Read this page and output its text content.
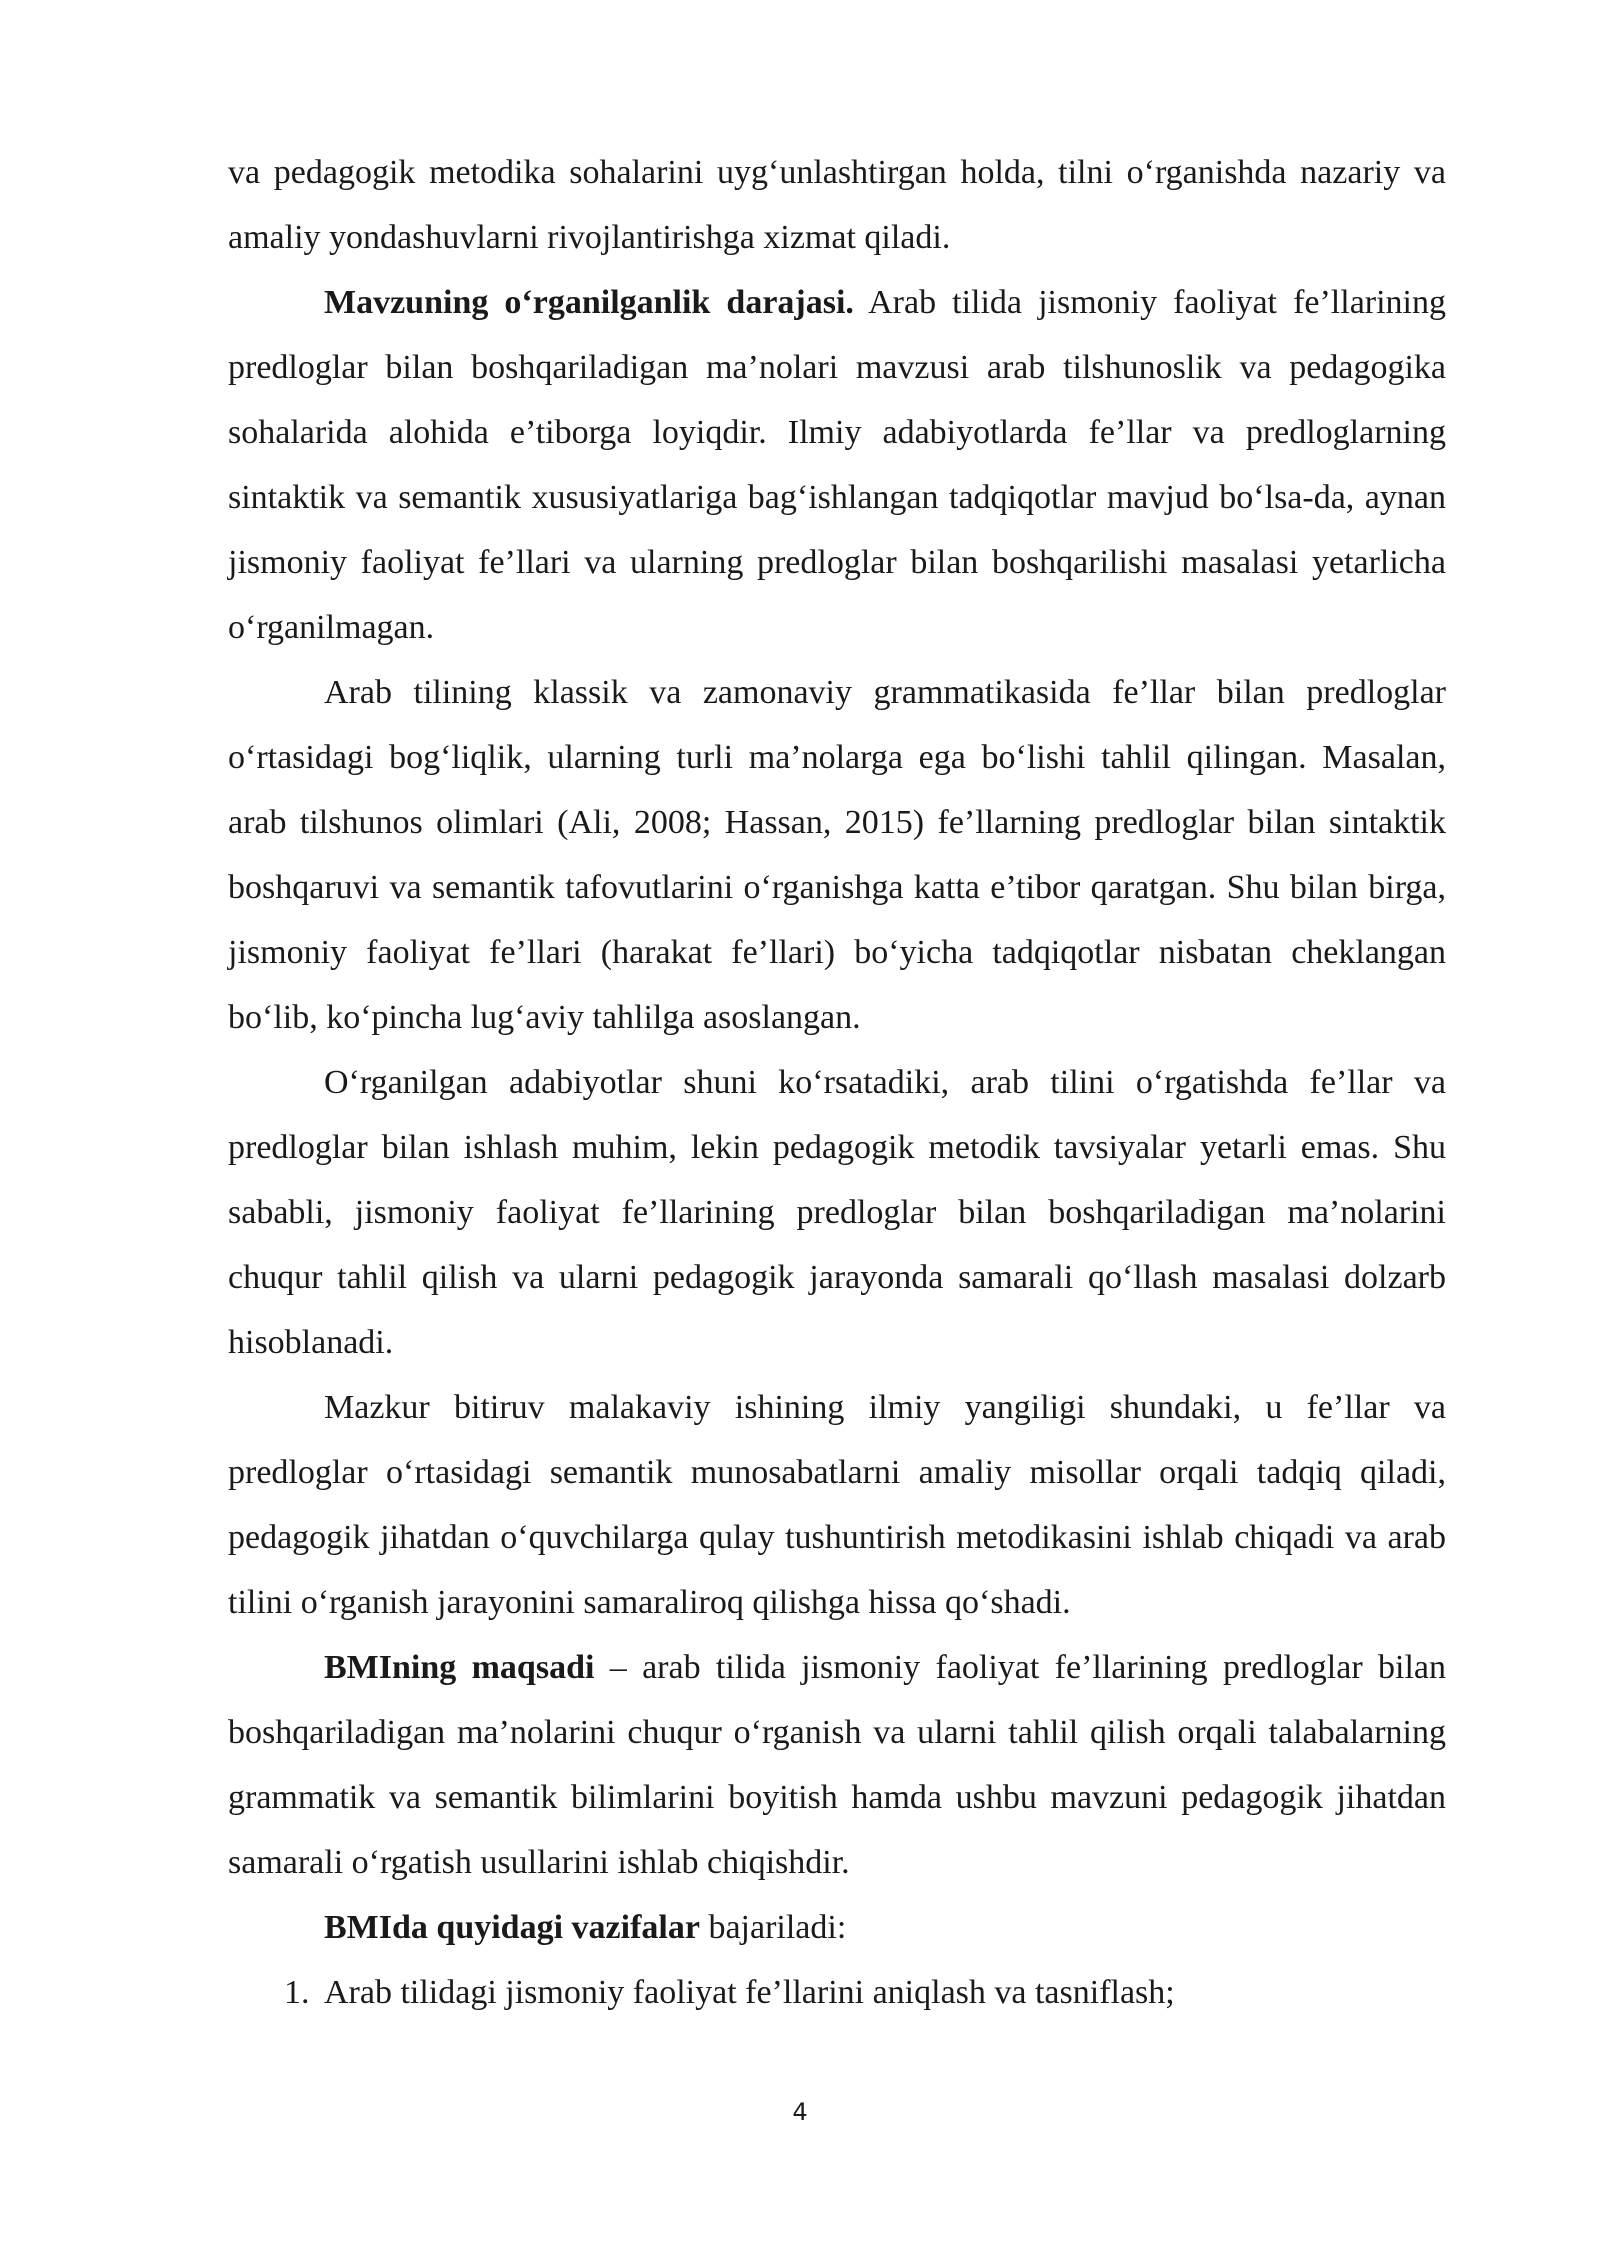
va pedagogik metodika sohalarini uyg‘unlashtirgan holda, tilni o‘rganishda nazariy va amaliy yondashuvlarni rivojlantirishga xizmat qiladi.

Mavzuning o‘rganilganlik darajasi. Arab tilida jismoniy faoliyat fe’llarining predloglar bilan boshqariladigan ma’nolari mavzusi arab tilshunoslik va pedagogika sohalarida alohida e’tiborga loyiqdir. Ilmiy adabiyotlarda fe’llar va predloglarning sintaktik va semantik xususiyatlariga bag‘ishlangan tadqiqotlar mavjud bo‘lsa-da, aynan jismoniy faoliyat fe’llari va ularning predloglar bilan boshqarilishi masalasi yetarlicha o‘rganilmagan.

Arab tilining klassik va zamonaviy grammatikasida fe’llar bilan predloglar o‘rtasidagi bog‘liqlik, ularning turli ma’nolarga ega bo‘lishi tahlil qilingan. Masalan, arab tilshunos olimlari (Ali, 2008; Hassan, 2015) fe’llarning predloglar bilan sintaktik boshqaruvi va semantik tafovutlarini o‘rganishga katta e’tibor qaratgan. Shu bilan birga, jismoniy faoliyat fe’llari (harakat fe’llari) bo‘yicha tadqiqotlar nisbatan cheklangan bo‘lib, ko‘pincha lug‘aviy tahlilga asoslangan.

O‘rganilgan adabiyotlar shuni ko‘rsatadiki, arab tilini o‘rgatishda fe’llar va predloglar bilan ishlash muhim, lekin pedagogik metodik tavsiyalar yetarli emas. Shu sababli, jismoniy faoliyat fe’llarining predloglar bilan boshqariladigan ma’nolarini chuqur tahlil qilish va ularni pedagogik jarayonda samarali qo‘llash masalasi dolzarb hisoblanadi.

Mazkur bitiruv malakaviy ishining ilmiy yangiligi shundaki, u fe’llar va predloglar o‘rtasidagi semantik munosabatlarni amaliy misollar orqali tadqiq qiladi, pedagogik jihatdan o‘quvchilarga qulay tushuntirish metodikasini ishlab chiqadi va arab tilini o‘rganish jarayonini samaraliroq qilishga hissa qo‘shadi.

BMIning maqsadi – arab tilida jismoniy faoliyat fe’llarining predloglar bilan boshqariladigan ma’nolarini chuqur o‘rganish va ularni tahlil qilish orqali talabalarning grammatik va semantik bilimlarini boyitish hamda ushbu mavzuni pedagogik jihatdan samarali o‘rgatish usullarini ishlab chiqishdir.

BMIda quyidagi vazifalar bajariladi:

1. Arab tilidagi jismoniy faoliyat fe’llarini aniqlash va tasniflash;

4
